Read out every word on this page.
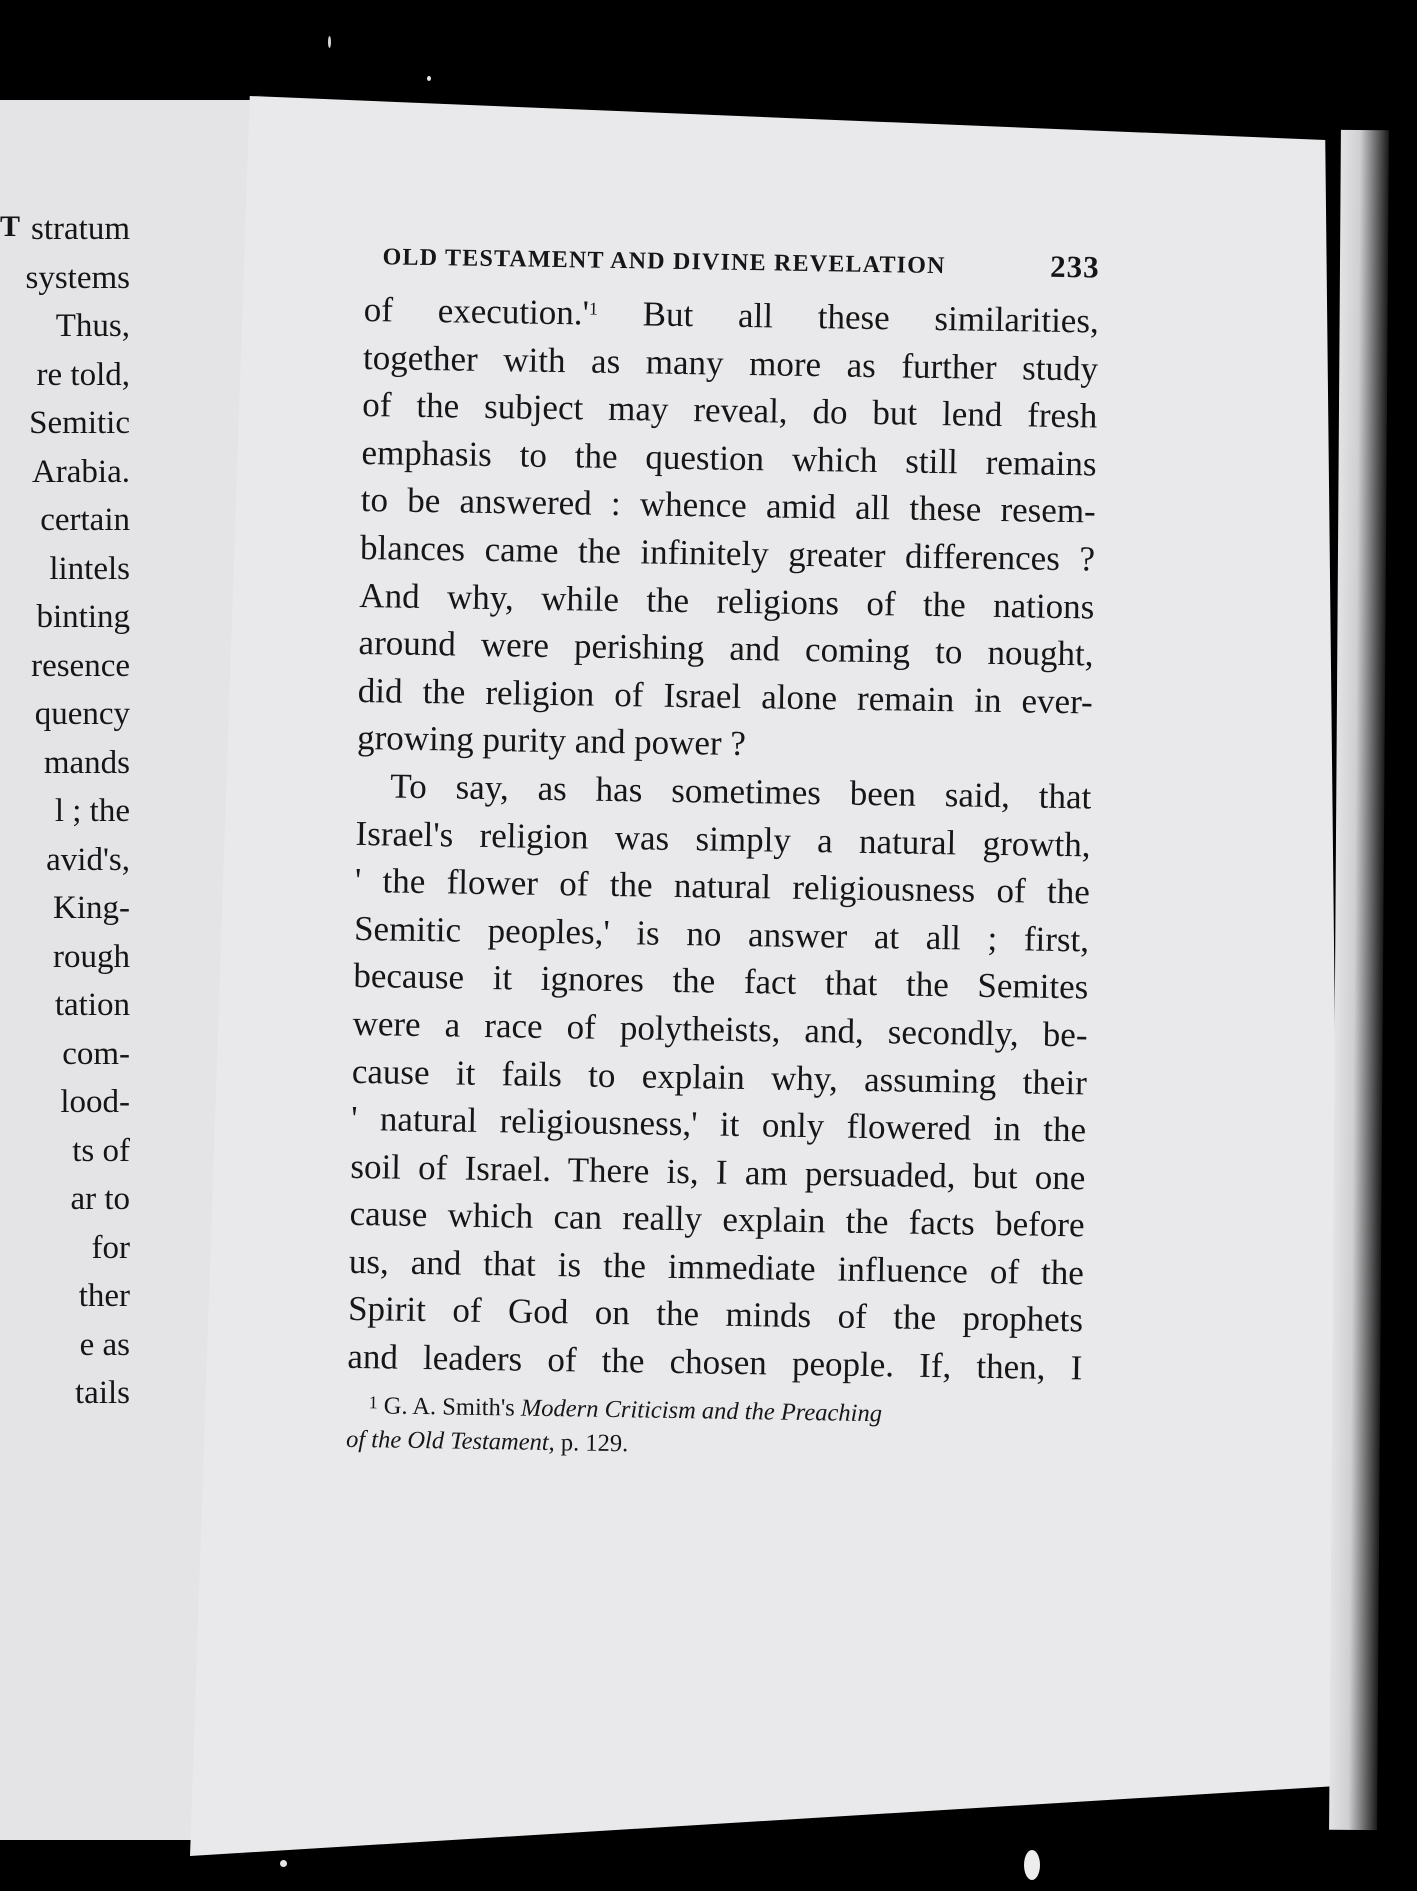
T stratum
systems
Thus,
re told,
Semitic
Arabia.
certain
lintels
binting
resence
quency
mands
l ; the
avid's,
King-
rough
tation
com-
lood-
ts of
ar to
for
ther
e as
tails
OLD TESTAMENT AND DIVINE REVELATION	233
of $execution.'^1$ But all these similarities,
together with as many more as further study
of the subject may reveal, do but lend fresh
emphasis to the question which still remains
to be answered : whence amid all these resem-
blances came the infinitely greater differences ?
And why, while the religions of the nations
around were perishing and coming to nought,
did the religion of Israel alone remain in ever-
growing purity and power ?
To say, as has sometimes been said, that
Israel's religion was simply a natural growth,
' the flower of the natural religiousness of the
Semitic peoples,' is no answer at all ; first,
because it ignores the fact that the Semites
were a race of polytheists, and, secondly, be-
cause it fails to explain why, assuming their
' natural religiousness,' it only flowered in the
soil of Israel. There is, I am persuaded, but one
cause which can really explain the facts before
us, and that is the immediate influence of the
Spirit of God on the minds of the prophets
and leaders of the chosen people. If, then, I
$^1$ G. A. Smith's Modern Criticism and the Preaching
of the Old Testament, p. 129.
